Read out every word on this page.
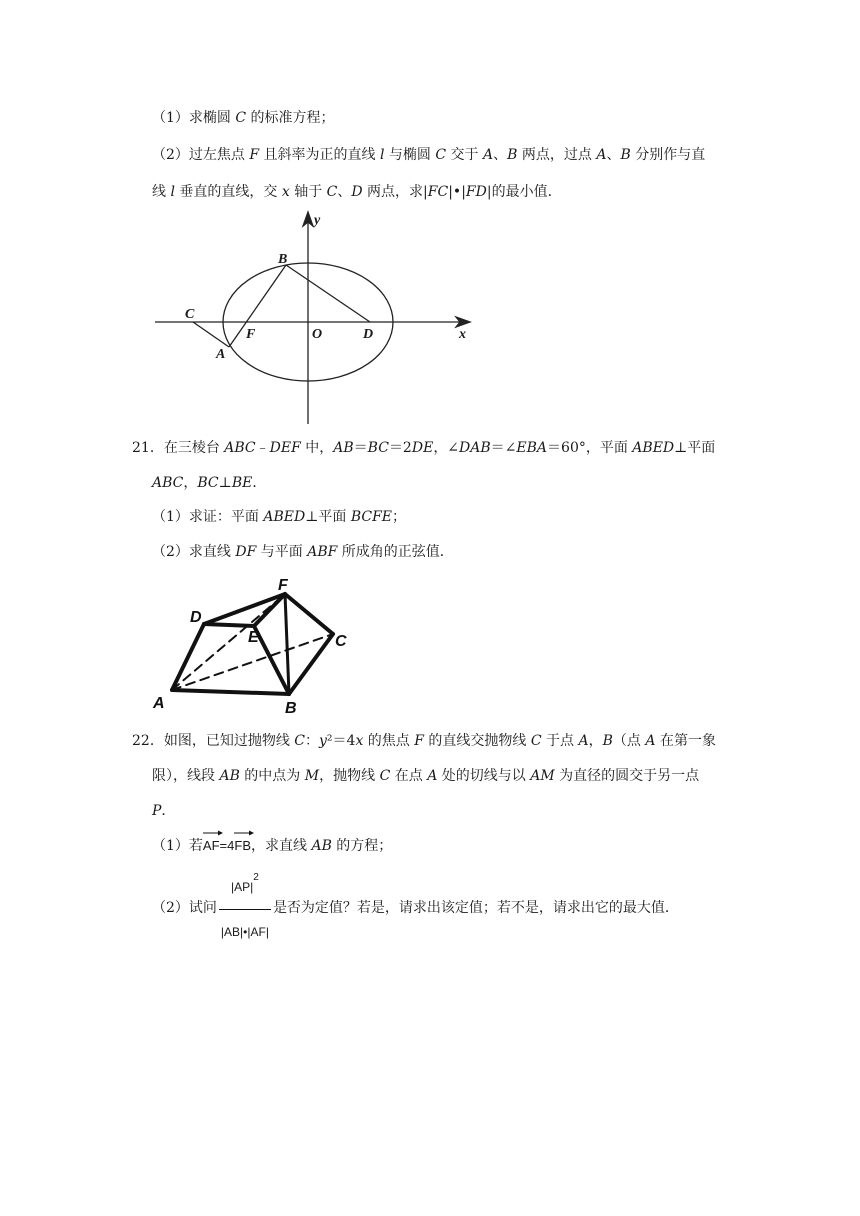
（1）求椭圆 C 的标准方程；
（2）过左焦点 F 且斜率为正的直线 l 与椭圆 C 交于 A、B 两点，过点 A、B 分别作与直
线 l 垂直的直线，交 x 轴于 C、D 两点，求|FC|•|FD|的最小值．
y
B
C
F	O	D	x
A
21．在三棱台 ABC﹣DEF 中，AB＝BC＝2DE，∠DAB＝∠EBA＝60°，平面 ABED⊥平面
ABC，BC⊥BE．
（1）求证：平面 ABED⊥平面 BCFE；
（2）求直线 DF 与平面 ABF 所成角的正弦值．
F
D
E	C
A	B
22．如图，已知过抛物线 C：y²＝4x 的焦点 F 的直线交抛物线 C 于点 A，B（点 A 在第一象
限），线段 AB 的中点为 M，抛物线 C 在点 A 处的切线与以 AM 为直径的圆交于另一点
P．
（1）若
AF=4
FB，求直线 AB 的方程；
（2）试问 $\frac{|AP|^2}{|AB|•|AF|}$ 是否为定值？若是，请求出该定值；若不是，请求出它的最大值．
